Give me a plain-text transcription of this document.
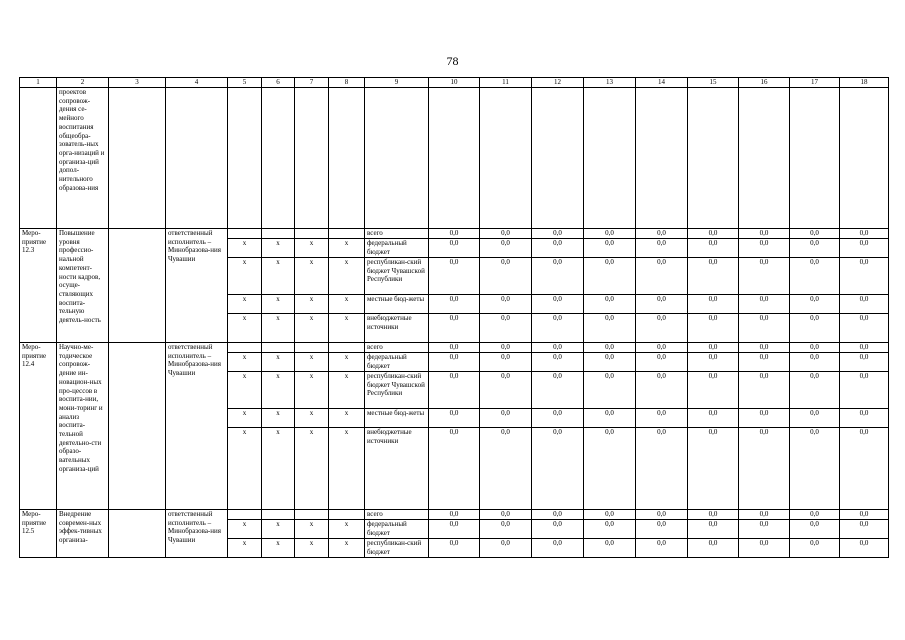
78
1	2	3	4	5	6	7	8	9	10	11	12	13	14	15	16	17	18
	проектов сопровож-дения се-мейного воспитания общеобра-зователь-ных орга-низаций и организа-ций допол-нительного образова-ния																
Меро-приятие 12.3	Повышение уровня профессио-нальной компетент-ности кадров, осуще-ствляющих воспита-тельную деятель-ность		ответственный исполнитель – Минобразова-ния Чувашии					всего	0,0	0,0	0,0	0,0	0,0	0,0	0,0	0,0	0,0
				x	x	x	x	федеральный бюджет	0,0	0,0	0,0	0,0	0,0	0,0	0,0	0,0	0,0
				x	x	x	x	республикан-ский бюджет Чувашской Республики	0,0	0,0	0,0	0,0	0,0	0,0	0,0	0,0	0,0
				x	x	x	x	местные бюд-жеты	0,0	0,0	0,0	0,0	0,0	0,0	0,0	0,0	0,0
				x	x	x	x	внебюджетные источники	0,0	0,0	0,0	0,0	0,0	0,0	0,0	0,0	0,0
Меро-приятие 12.4	Научно-ме-тодическое сопровож-дение ин-новацион-ных про-цессов в воспита-нии, мони-торинг и анализ воспита-тельной деятельно-сти образо-вательных организа-ций		ответственный исполнитель – Минобразова-ния Чувашии					всего	0,0	0,0	0,0	0,0	0,0	0,0	0,0	0,0	0,0
				x	x	x	x	федеральный бюджет	0,0	0,0	0,0	0,0	0,0	0,0	0,0	0,0	0,0
				x	x	x	x	республикан-ский бюджет Чувашской Республики	0,0	0,0	0,0	0,0	0,0	0,0	0,0	0,0	0,0
				x	x	x	x	местные бюд-жеты	0,0	0,0	0,0	0,0	0,0	0,0	0,0	0,0	0,0
				x	x	x	x	внебюджетные источники	0,0	0,0	0,0	0,0	0,0	0,0	0,0	0,0	0,0
Меро-приятие 12.5	Внедрение современ-ных эффек-тивных организа-		ответственный исполнитель – Минобразова-ния Чувашии					всего	0,0	0,0	0,0	0,0	0,0	0,0	0,0	0,0	0,0
				x	x	x	x	федеральный бюджет	0,0	0,0	0,0	0,0	0,0	0,0	0,0	0,0	0,0
				x	x	x	x	республикан-ский бюджет	0,0	0,0	0,0	0,0	0,0	0,0	0,0	0,0	0,0
